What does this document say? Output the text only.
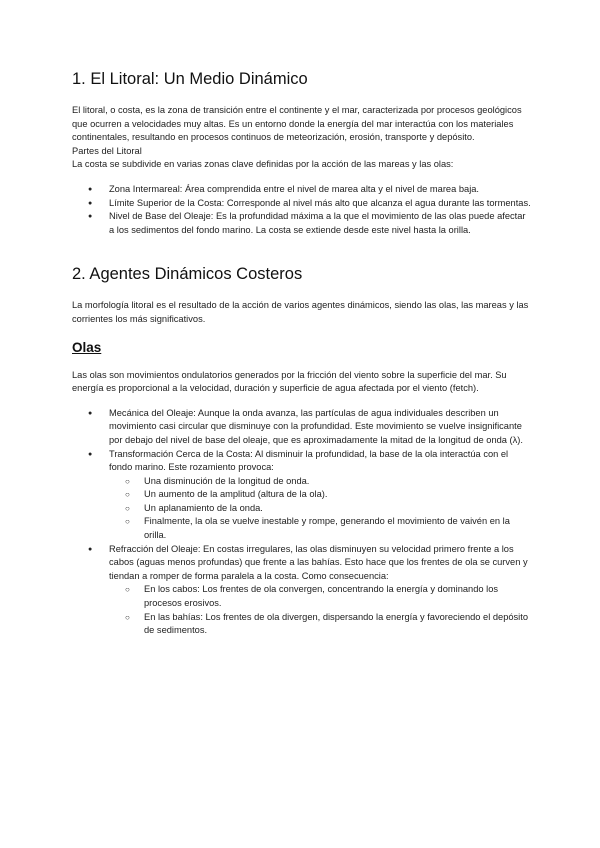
1. El Litoral: Un Medio Dinámico

El litoral, o costa, es la zona de transición entre el continente y el mar, caracterizada por procesos geológicos que ocurren a velocidades muy altas. Es un entorno donde la energía del mar interactúa con los materiales continentales, resultando en procesos continuos de meteorización, erosión, transporte y depósito.

Partes del Litoral

La costa se subdivide en varias zonas clave definidas por la acción de las mareas y las olas:

● Zona Intermareal: Área comprendida entre el nivel de marea alta y el nivel de marea baja.
● Límite Superior de la Costa: Corresponde al nivel más alto que alcanza el agua durante las tormentas.
● Nivel de Base del Oleaje: Es la profundidad máxima a la que el movimiento de las olas puede afectar a los sedimentos del fondo marino. La costa se extiende desde este nivel hasta la orilla.
2. Agentes Dinámicos Costeros

La morfología litoral es el resultado de la acción de varios agentes dinámicos, siendo las olas, las mareas y las corrientes los más significativos.

Olas

Las olas son movimientos ondulatorios generados por la fricción del viento sobre la superficie del mar. Su energía es proporcional a la velocidad, duración y superficie de agua afectada por el viento (fetch).

● Mecánica del Oleaje: Aunque la onda avanza, las partículas de agua individuales describen un movimiento casi circular que disminuye con la profundidad. Este movimiento se vuelve insignificante por debajo del nivel de base del oleaje, que es aproximadamente la mitad de la longitud de onda (λ).
● Transformación Cerca de la Costa: Al disminuir la profundidad, la base de la ola interactúa con el fondo marino. Este rozamiento provoca:
○ Una disminución de la longitud de onda.
○ Un aumento de la amplitud (altura de la ola).
○ Un aplanamiento de la onda.
○ Finalmente, la ola se vuelve inestable y rompe, generando el movimiento de vaivén en la orilla.
● Refracción del Oleaje: En costas irregulares, las olas disminuyen su velocidad primero frente a los cabos (aguas menos profundas) que frente a las bahías. Esto hace que los frentes de ola se curven y tiendan a romper de forma paralela a la costa. Como consecuencia:
○ En los cabos: Los frentes de ola convergen, concentrando la energía y dominando los procesos erosivos.
○ En las bahías: Los frentes de ola divergen, dispersando la energía y favoreciendo el depósito de sedimentos.
